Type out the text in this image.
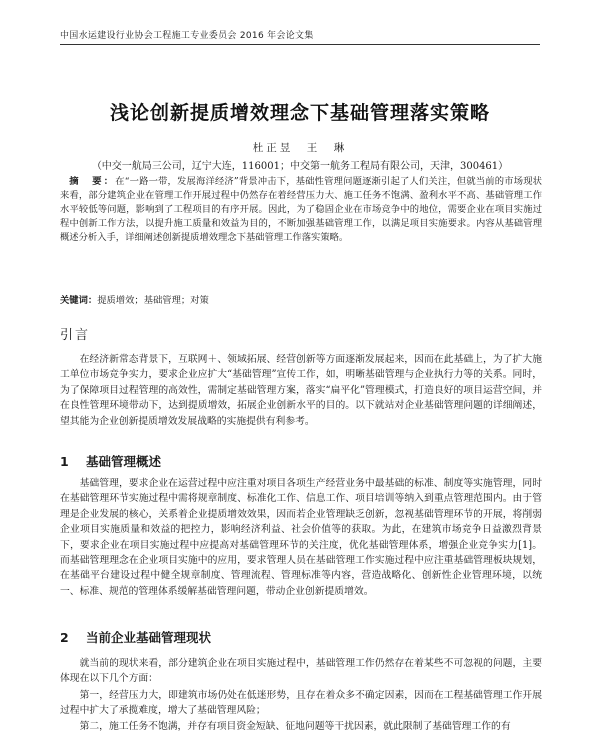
中国水运建设行业协会工程施工专业委员会 2016 年会论文集
浅论创新提质增效理念下基础管理落实策略
杜正昱　王　琳
（中交一航局三公司，辽宁大连，116001；中交第一航务工程局有限公司，天津，300461）
摘　要：在“一路一带，发展海洋经济”背景冲击下，基础性管理问题逐渐引起了人们关注，但就当前的市场现状来看，部分建筑企业在管理工作开展过程中仍然存在着经营压力大、施工任务不饱满、盈利水平不高、基础管理工作水平较低等问题，影响到了工程项目的有序开展。因此，为了稳固企业在市场竞争中的地位，需要企业在项目实施过程中创新工作方法，以提升施工质量和效益为目的，不断加强基础管理工作，以满足项目实施要求。内容从基础管理概述分析入手，详细阐述创新提质增效理念下基础管理工作落实策略。
关键词：提质增效；基础管理；对策
引言
在经济新常态背景下，互联网＋、领域拓展、经营创新等方面逐渐发展起来，因而在此基础上，为了扩大施工单位市场竞争实力，要求企业应扩大“基础管理”宣传工作，如，明晰基础管理与企业执行力等的关系。同时，为了保障项目过程管理的高效性，需制定基础管理方案，落实“扁平化”管理模式，打造良好的项目运营空间，并在良性管理环境带动下，达到提质增效，拓展企业创新水平的目的。以下就站对企业基础管理问题的详细阐述，望其能为企业创新提质增效发展战略的实施提供有利参考。
1 基础管理概述
基础管理，要求企业在运营过程中应注重对项目各项生产经营业务中最基础的标准、制度等实施管理，同时在基础管理环节实施过程中需将规章制度、标准化工作、信息工作、项目培训等纳入到重点管理范围内。由于管理是企业发展的核心，关系着企业提质增效效果，因而若企业管理缺乏创新，忽视基础管理环节的开展，将削弱企业项目实施质量和效益的把控力，影响经济利益、社会价值等的获取。为此，在建筑市场竞争日益激烈背景下，要求企业在项目实施过程中应提高对基础管理环节的关注度，优化基础管理体系，增强企业竞争实力[1]。而基础管理理念在企业项目实施中的应用，要求管理人员在基础管理工作实施过程中应注重基础管理板块规划，在基础平台建设过程中健全规章制度、管理流程、管理标准等内容，营造战略化、创新性企业管理环境，以统一、标准、规范的管理体系缓解基础管理问题，带动企业创新提质增效。
2 当前企业基础管理现状
就当前的现状来看，部分建筑企业在项目实施过程中，基础管理工作仍然存在着某些不可忽视的问题，主要体现在以下几个方面：
第一，经营压力大，即建筑市场仍处在低迷形势，且存在着众多不确定因素，因而在工程基础管理工作开展过程中扩大了承揽难度，增大了基础管理风险；
第二，施工任务不饱满，并存有项目资金短缺、征地问题等干扰因素，就此限制了基础管理工作的有
